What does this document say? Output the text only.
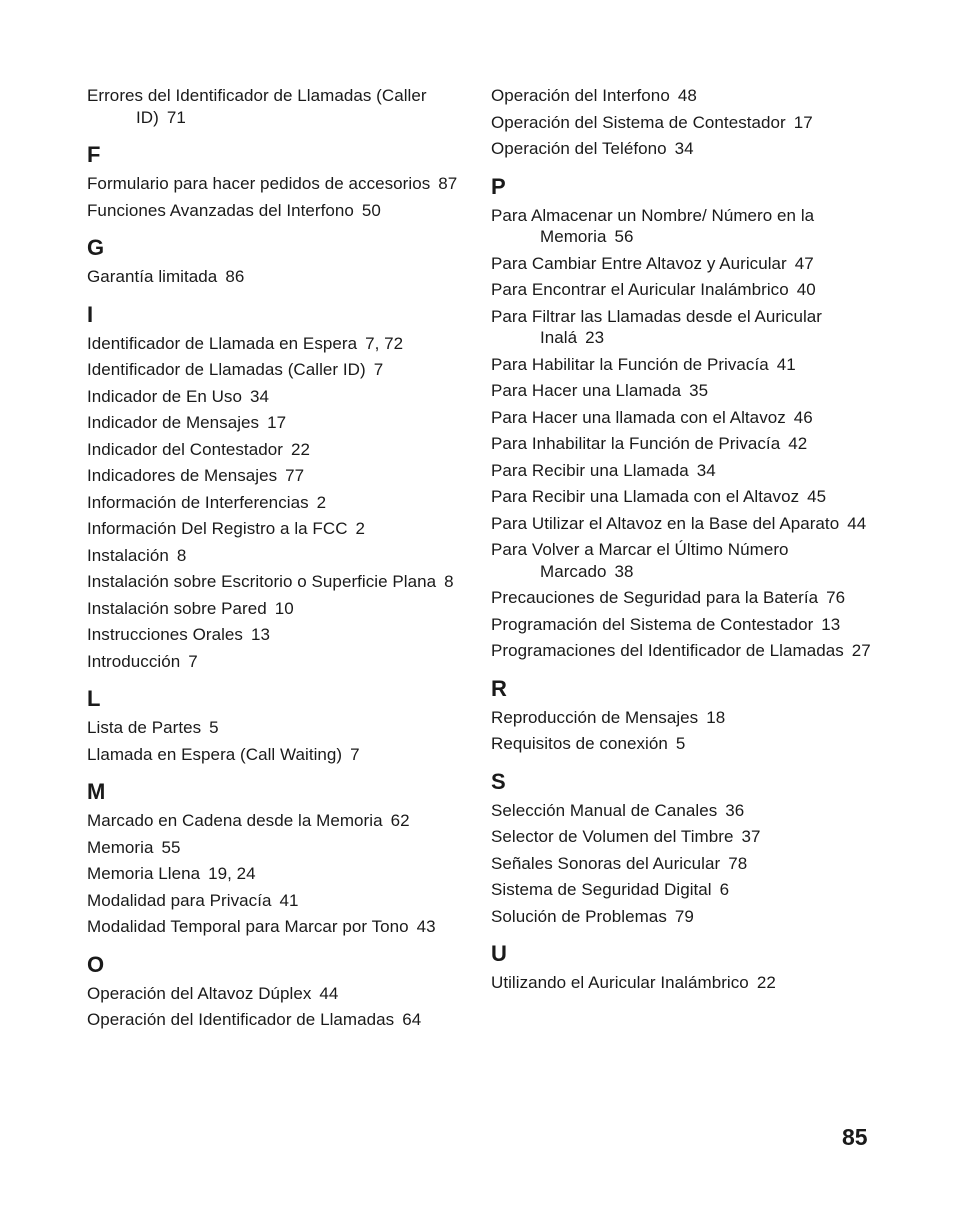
Errores del Identificador de Llamadas (Caller ID) 71
F
Formulario para hacer pedidos de accesorios 87
Funciones Avanzadas del Interfono 50
G
Garantía limitada 86
I
Identificador de Llamada en Espera 7, 72
Identificador de Llamadas (Caller ID) 7
Indicador de En Uso 34
Indicador de Mensajes 17
Indicador del Contestador 22
Indicadores de Mensajes 77
Información de Interferencias 2
Información Del Registro a la FCC 2
Instalación 8
Instalación sobre Escritorio o Superficie Plana 8
Instalación sobre Pared 10
Instrucciones Orales 13
Introducción 7
L
Lista de Partes 5
Llamada en Espera (Call Waiting) 7
M
Marcado en Cadena desde la Memoria 62
Memoria 55
Memoria Llena 19, 24
Modalidad para Privacía 41
Modalidad Temporal para Marcar por Tono 43
O
Operación del Altavoz Dúplex 44
Operación del Identificador de Llamadas 64
Operación del Interfono 48
Operación del Sistema de Contestador 17
Operación del Teléfono 34
P
Para Almacenar un Nombre/ Número en la Memoria 56
Para Cambiar Entre Altavoz y Auricular 47
Para Encontrar el Auricular Inalámbrico 40
Para Filtrar las Llamadas desde el Auricular Inalá 23
Para Habilitar la Función de Privacía 41
Para Hacer una Llamada 35
Para Hacer una llamada con el Altavoz 46
Para Inhabilitar la Función de Privacía 42
Para Recibir una Llamada 34
Para Recibir una Llamada con el Altavoz 45
Para Utilizar el Altavoz en la Base del Aparato 44
Para Volver a Marcar el Último Número Marcado 38
Precauciones de Seguridad para la Batería 76
Programación del Sistema de Contestador 13
Programaciones del Identificador de Llamadas 27
R
Reproducción de Mensajes 18
Requisitos de conexión 5
S
Selección Manual de Canales 36
Selector de Volumen del Timbre 37
Señales Sonoras del Auricular 78
Sistema de Seguridad Digital 6
Solución de Problemas 79
U
Utilizando el Auricular Inalámbrico 22
85
